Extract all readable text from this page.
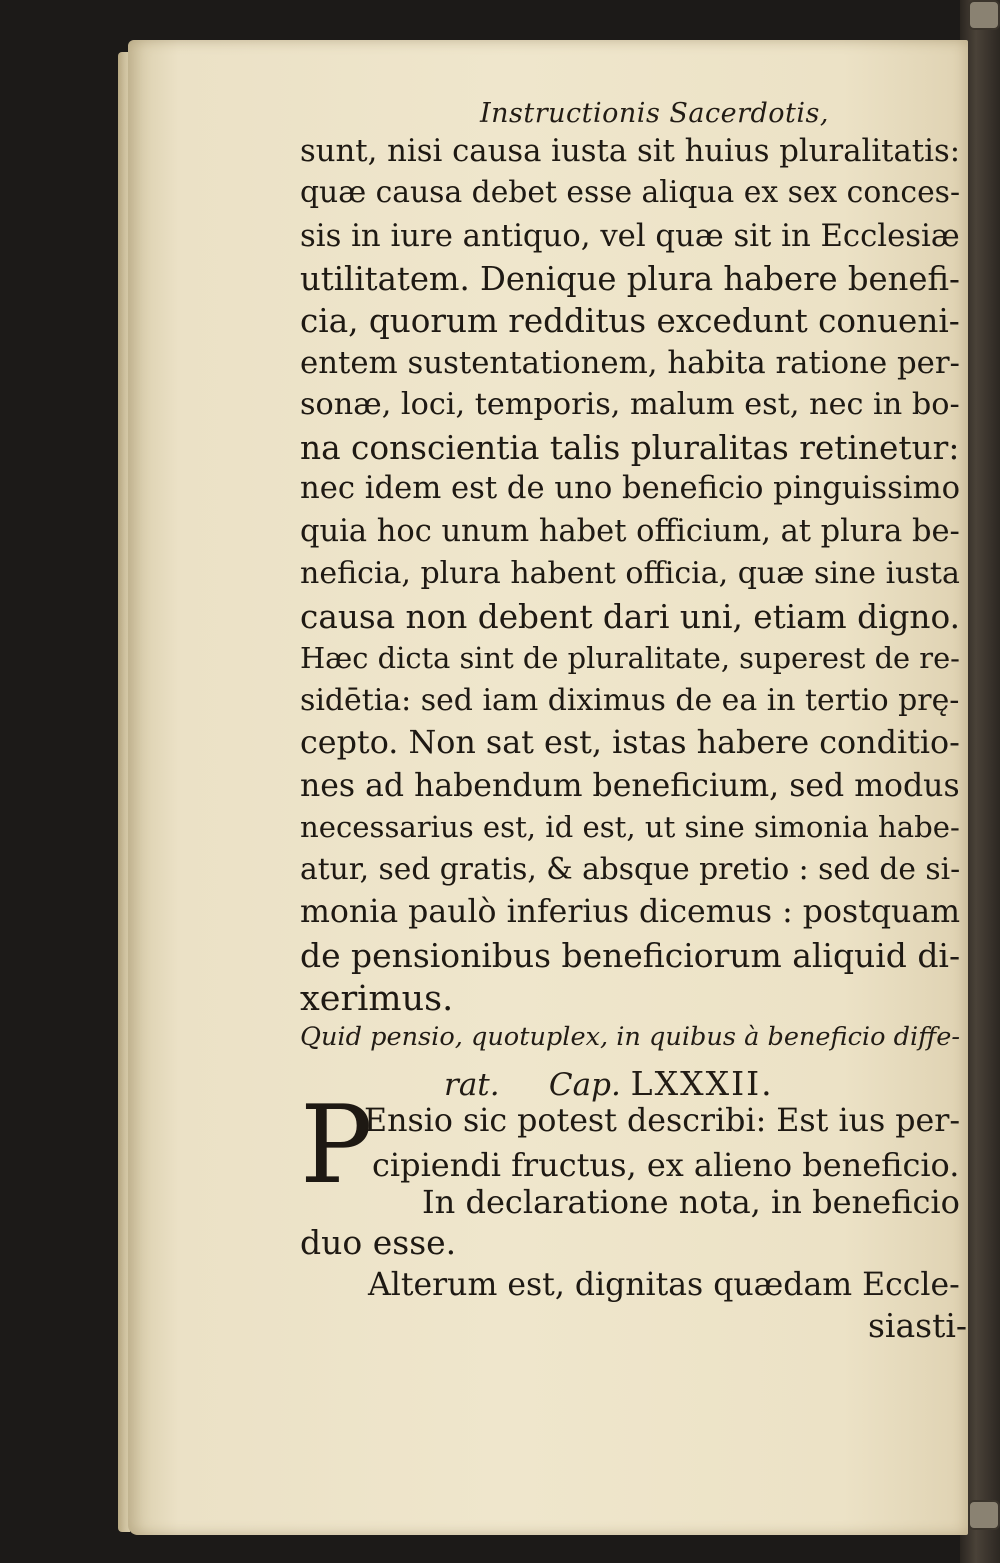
Instructionis Sacerdotis,
sunt, nisi causa iusta sit huius pluralitatis:
quæ causa debet esse aliqua ex sex conces-
sis in iure antiquo, vel quæ sit in Ecclesiæ
utilitatem. Denique plura habere benefi-
cia, quorum redditus excedunt conueni-
entem sustentationem, habita ratione per-
sonæ, loci, temporis, malum est, nec in bo-
na conscientia talis pluralitas retinetur:
nec idem est de uno beneficio pinguissimo
quia hoc unum habet officium, at plura be-
neficia, plura habent officia, quæ sine iusta
causa non debent dari uni, etiam digno.
Hæc dicta sint de pluralitate, superest de re-
sidētia: sed iam diximus de ea in tertio prę-
cepto. Non sat est, istas habere conditio-
nes ad habendum beneficium, sed modus
necessarius est, id est, ut sine simonia habe-
atur, sed gratis, & absque pretio : sed de si-
monia paulò inferius dicemus : postquam
de pensionibus beneficiorum aliquid di-
xerimus.
Quid pensio, quotuplex, in quibus à beneficio diffe-
rat. Cap. LXXXII.
P
Ensio sic potest describi: Est ius per-
cipiendi fructus, ex alieno beneficio.
In declaratione nota, in beneficio
duo esse.
Alterum est, dignitas quædam Eccle-
siasti-
